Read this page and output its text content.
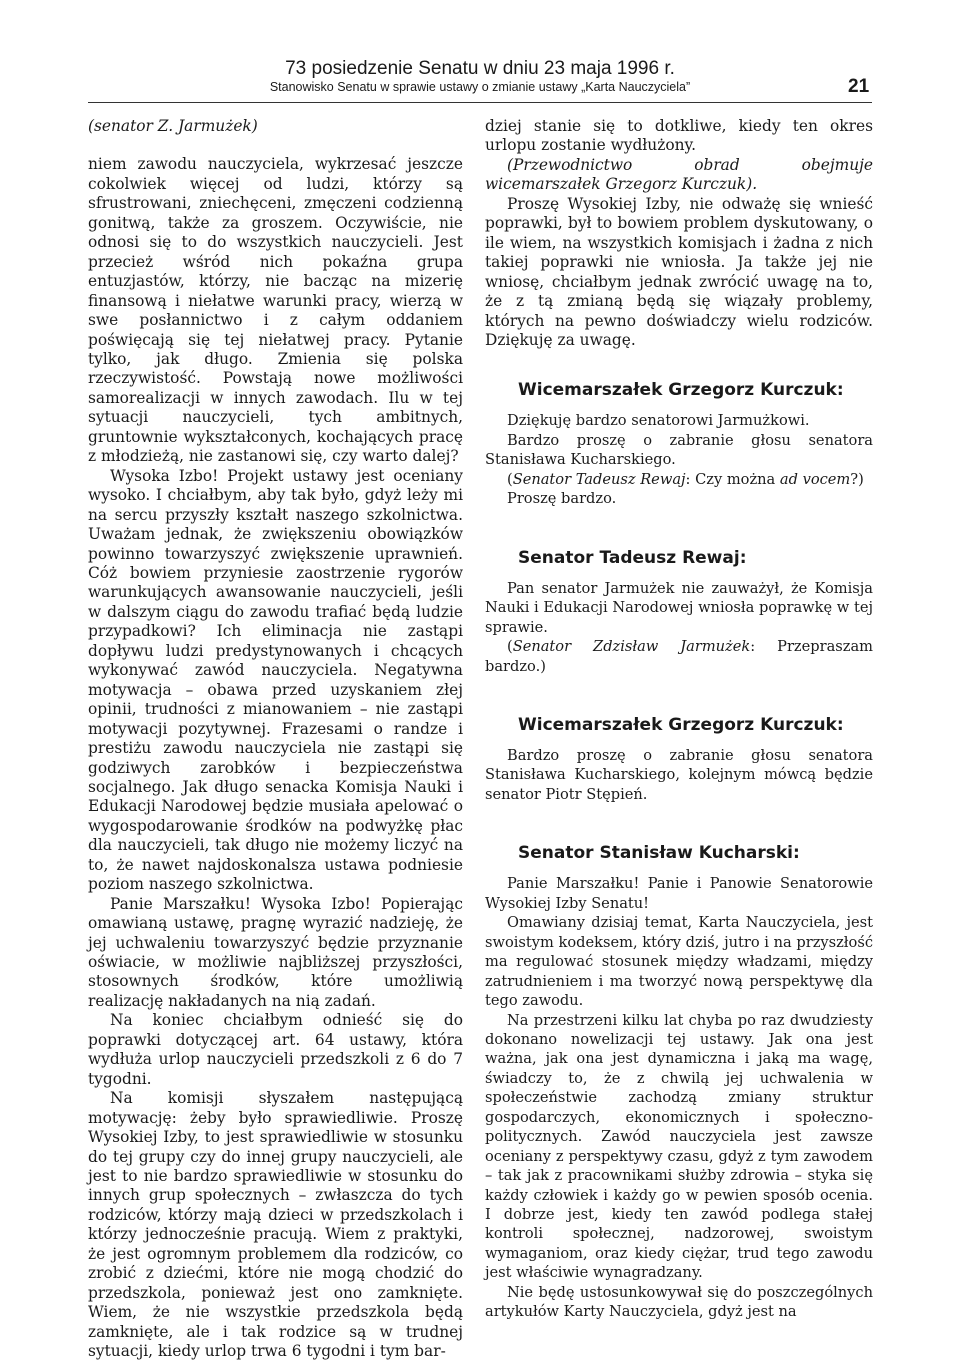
73 posiedzenie Senatu w dniu 23 maja 1996 r.
Stanowisko Senatu w sprawie ustawy o zmianie ustawy „Karta Nauczyciela”	21

(senator Z. Jarmużek)

niem zawodu nauczyciela, wykrzesać jeszcze cokolwiek więcej od ludzi, którzy są sfrustrowani, zniechęceni, zmęczeni codzienną gonitwą, także za groszem. Oczywiście, nie odnosi się to do wszystkich nauczycieli. Jest przecież wśród nich pokaźna grupa entuzjastów, którzy, nie bacząc na mizerię finansową i niełatwe warunki pracy, wierzą w swe posłannictwo i z całym oddaniem poświęcają się tej niełatwej pracy. Pytanie tylko, jak długo. Zmienia się polska rzeczywistość. Powstają nowe możliwości samorealizacji w innych zawodach. Ilu w tej sytuacji nauczycieli, tych ambitnych, gruntownie wykształconych, kochających pracę z młodzieżą, nie zastanowi się, czy warto dalej?

Wysoka Izbo! Projekt ustawy jest oceniany wysoko. I chciałbym, aby tak było, gdyż leży mi na sercu przyszły kształt naszego szkolnictwa. Uważam jednak, że zwiększeniu obowiązków powinno towarzyszyć zwiększenie uprawnień. Cóż bowiem przyniesie zaostrzenie rygorów warunkujących awansowanie nauczycieli, jeśli w dalszym ciągu do zawodu trafiać będą ludzie przypadkowi? Ich eliminacja nie zastąpi dopływu ludzi predystynowanych i chcących wykonywać zawód nauczyciela. Negatywna motywacja – obawa przed uzyskaniem złej opinii, trudności z mianowaniem – nie zastąpi motywacji pozytywnej. Frazesami o randze i prestiżu zawodu nauczyciela nie zastąpi się godziwych zarobków i bezpieczeństwa socjalnego. Jak długo senacka Komisja Nauki i Edukacji Narodowej będzie musiała apelować o wygospodarowanie środków na podwyżkę płac dla nauczycieli, tak długo nie możemy liczyć na to, że nawet najdoskonalsza ustawa podniesie poziom naszego szkolnictwa.

Panie Marszałku! Wysoka Izbo! Popierając omawianą ustawę, pragnę wyrazić nadzieję, że jej uchwaleniu towarzyszyć będzie przyznanie oświacie, w możliwie najbliższej przyszłości, stosownych środków, które umożliwią realizację nakładanych na nią zadań.

Na koniec chciałbym odnieść się do poprawki dotyczącej art. 64 ustawy, która wydłuża urlop nauczycieli przedszkoli z 6 do 7 tygodni.

Na komisji słyszałem następującą motywację: żeby było sprawiedliwie. Proszę Wysokiej Izby, to jest sprawiedliwie w stosunku do tej grupy czy do innej grupy nauczycieli, ale jest to nie bardzo sprawiedliwie w stosunku do innych grup społecznych – zwłaszcza do tych rodziców, którzy mają dzieci w przedszkolach i którzy jednocześnie pracują. Wiem z praktyki, że jest ogromnym problemem dla rodziców, co zrobić z dziećmi, które nie mogą chodzić do przedszkola, ponieważ jest ono zamknięte. Wiem, że nie wszystkie przedszkola będą zamknięte, ale i tak rodzice są w trudnej sytuacji, kiedy urlop trwa 6 tygodni i tym bar-

dziej stanie się to dotkliwe, kiedy ten okres urlopu zostanie wydłużony.

(Przewodnictwo obrad obejmuje wicemarszałek Grzegorz Kurczuk).

Proszę Wysokiej Izby, nie odważę się wnieść poprawki, był to bowiem problem dyskutowany, o ile wiem, na wszystkich komisjach i żadna z nich takiej poprawki nie wniosła. Ja także jej nie wniosę, chciałbym jednak zwrócić uwagę na to, że z tą zmianą będą się wiązały problemy, których na pewno doświadczy wielu rodziców. Dziękuję za uwagę.

Wicemarszałek Grzegorz Kurczuk:

Dziękuję bardzo senatorowi Jarmużkowi.

Bardzo proszę o zabranie głosu senatora Stanisława Kucharskiego.

(Senator Tadeusz Rewaj: Czy można ad vocem?)

Proszę bardzo.

Senator Tadeusz Rewaj:

Pan senator Jarmużek nie zauważył, że Komisja Nauki i Edukacji Narodowej wniosła poprawkę w tej sprawie.

(Senator Zdzisław Jarmużek: Przepraszam bardzo.)

Wicemarszałek Grzegorz Kurczuk:

Bardzo proszę o zabranie głosu senatora Stanisława Kucharskiego, kolejnym mówcą będzie senator Piotr Stępień.

Senator Stanisław Kucharski:

Panie Marszałku! Panie i Panowie Senatorowie Wysokiej Izby Senatu!

Omawiany dzisiaj temat, Karta Nauczyciela, jest swoistym kodeksem, który dziś, jutro i na przyszłość ma regulować stosunek między władzami, między zatrudnieniem i ma tworzyć nową perspektywę dla tego zawodu.

Na przestrzeni kilku lat chyba po raz dwudziesty dokonano nowelizacji tej ustawy. Jak ona jest ważna, jak ona jest dynamiczna i jaką ma wagę, świadczy to, że z chwilą jej uchwalenia w społeczeństwie zachodzą zmiany struktur gospodarczych, ekonomicznych i społeczno-politycznych. Zawód nauczyciela jest zawsze oceniany z perspektywy czasu, gdyż z tym zawodem – tak jak z pracownikami służby zdrowia – styka się każdy człowiek i każdy go w pewien sposób ocenia. I dobrze jest, kiedy ten zawód podlega stałej kontroli społecznej, nadzorowej, swoistym wymaganiom, oraz kiedy ciężar, trud tego zawodu jest właściwie wynagradzany.

Nie będę ustosunkowywał się do poszczególnych artykułów Karty Nauczyciela, gdyż jest na
